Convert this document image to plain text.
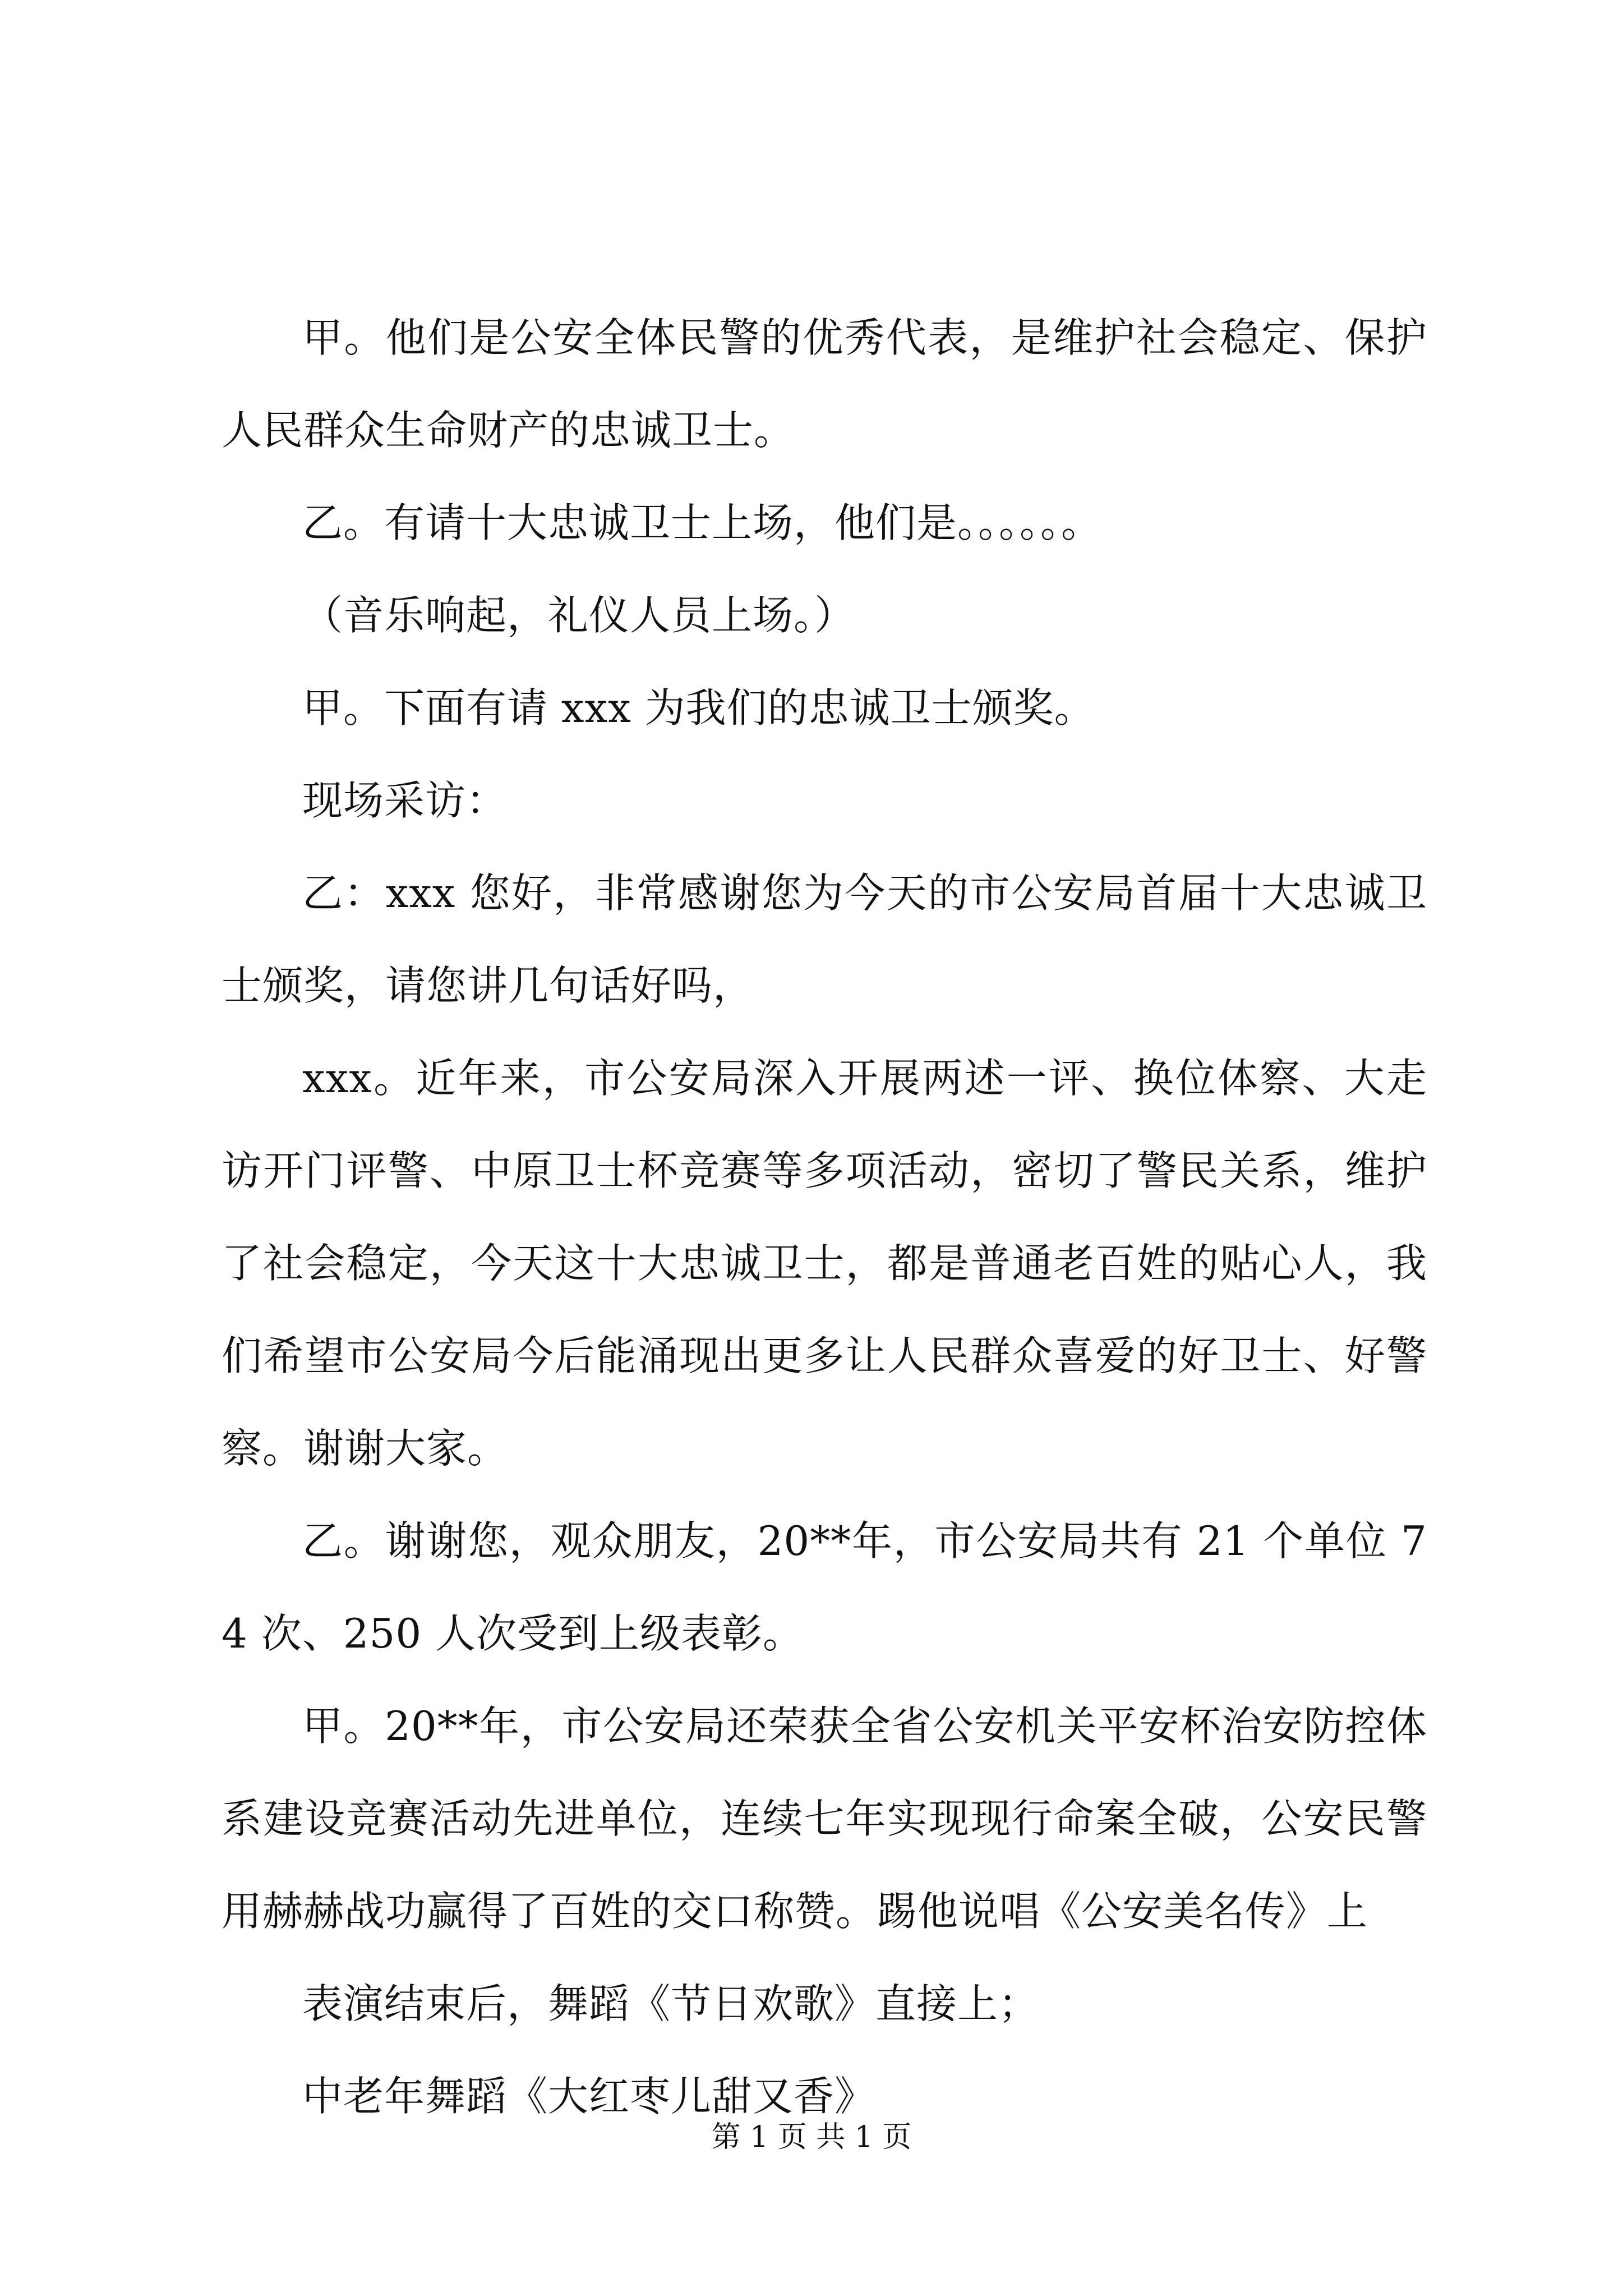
甲。他们是公安全体民警的优秀代表，是维护社会稳定、保护人民群众生命财产的忠诚卫士。

乙。有请十大忠诚卫士上场，他们是。。。。。。

（音乐响起，礼仪人员上场。）

甲。下面有请 xxx 为我们的忠诚卫士颁奖。

现场采访：

乙：xxx 您好，非常感谢您为今天的市公安局首届十大忠诚卫士颁奖，请您讲几句话好吗，

xxx。近年来，市公安局深入开展两述一评、换位体察、大走访开门评警、中原卫士杯竞赛等多项活动，密切了警民关系，维护了社会稳定，今天这十大忠诚卫士，都是普通老百姓的贴心人，我们希望市公安局今后能涌现出更多让人民群众喜爱的好卫士、好警察。谢谢大家。

乙。谢谢您，观众朋友，20**年，市公安局共有 21 个单位 74 次、250 人次受到上级表彰。

甲。20**年，市公安局还荣获全省公安机关平安杯治安防控体系建设竞赛活动先进单位，连续七年实现现行命案全破，公安民警用赫赫战功赢得了百姓的交口称赞。踢他说唱《公安美名传》上

表演结束后，舞蹈《节日欢歌》直接上；

中老年舞蹈《大红枣儿甜又香》

第 1 页 共 1 页
